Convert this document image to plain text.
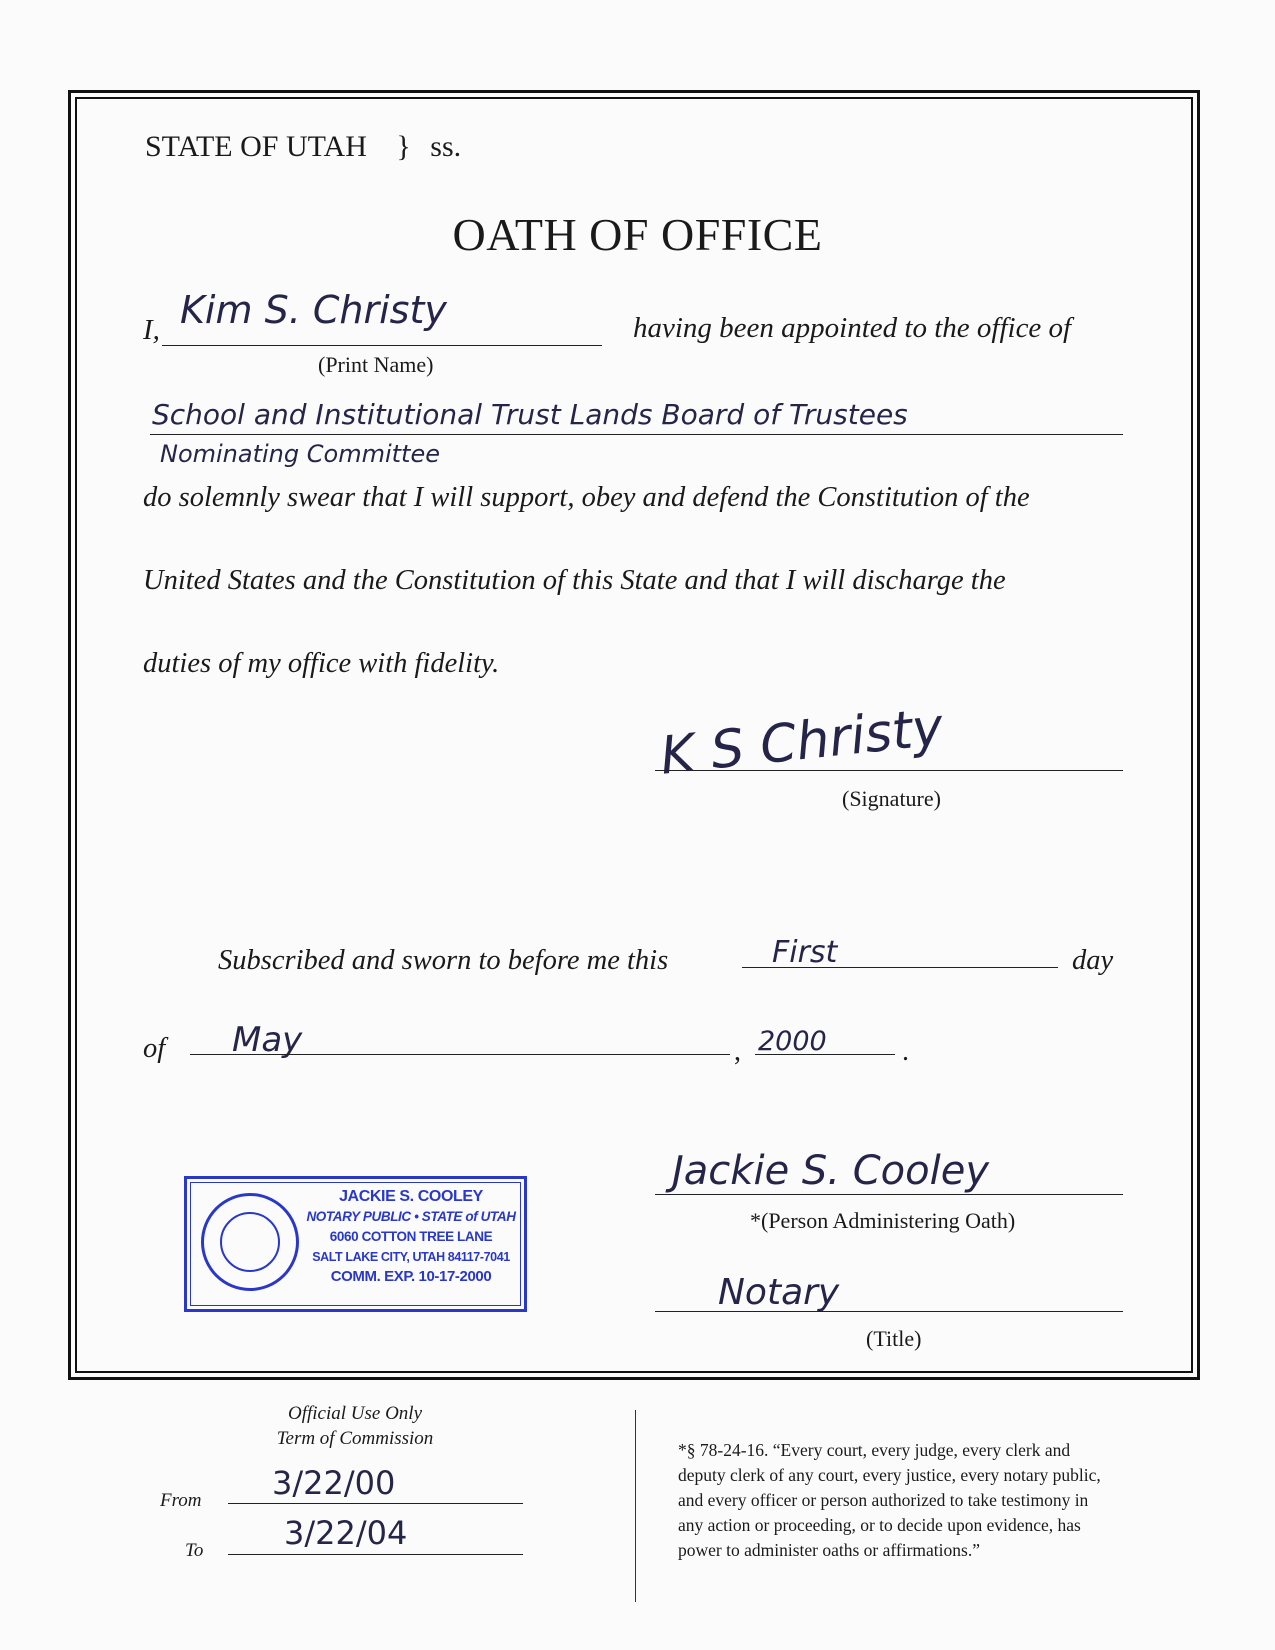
STATE OF UTAH } ss.
OATH OF OFFICE
I, Kim S. Christy
(Print Name)
having been appointed to the office of
School and Institutional Trust Lands Board of Trustees
Nominating Committee
do solemnly swear that I will support, obey and defend the Constitution of the
United States and the Constitution of this State and that I will discharge the
duties of my office with fidelity.
K S Christy
(Signature)
Subscribed and sworn to before me this	First	day
of May	, 2000	.
JACKIE S. COOLEY
NOTARY PUBLIC • STATE of UTAH
6060 COTTON TREE LANE
SALT LAKE CITY, UTAH 84117-7041
COMM. EXP. 10-17-2000
Jackie S. Cooley
*(Person Administering Oath)
Notary
(Title)
Official Use Only
Term of Commission
From 3/22/00
To	3/22/04
*§ 78-24-16. “Every court, every judge, every clerk and
deputy clerk of any court, every justice, every notary public,
and every officer or person authorized to take testimony in
any action or proceeding, or to decide upon evidence, has
power to administer oaths or affirmations.”
